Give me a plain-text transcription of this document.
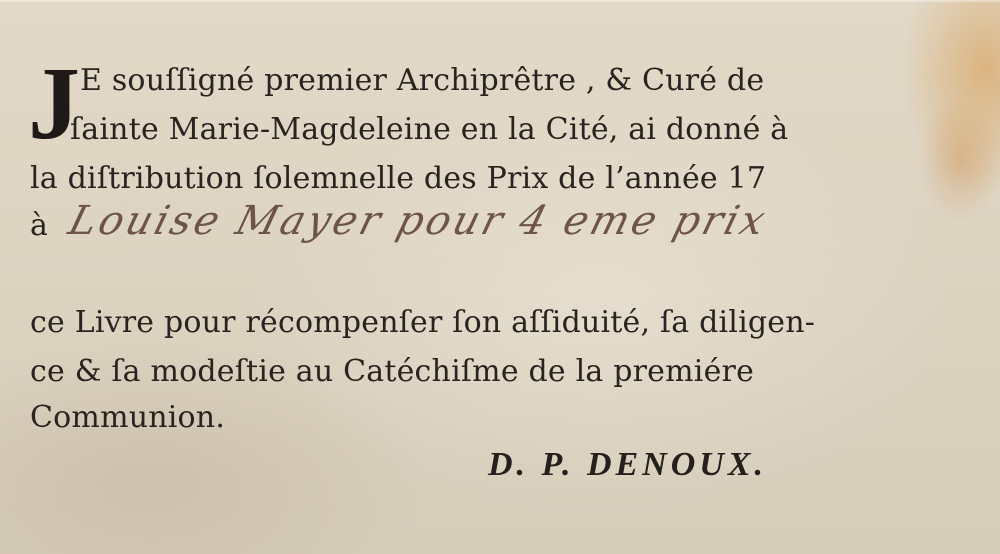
J E souſſigné premier Archiprêtre , & Curé de
ſainte Marie-Magdeleine en la Cité, ai donné à
la diſtribution ſolemnelle des Prix de l’année 17
à Louise Mayer pour 4 eme prix
ce Livre pour récompenſer ſon aſſiduité, ſa diligen-
ce & ſa modeſtie au Catéchiſme de la premiére
Communion.
D. P. DENOUX.
